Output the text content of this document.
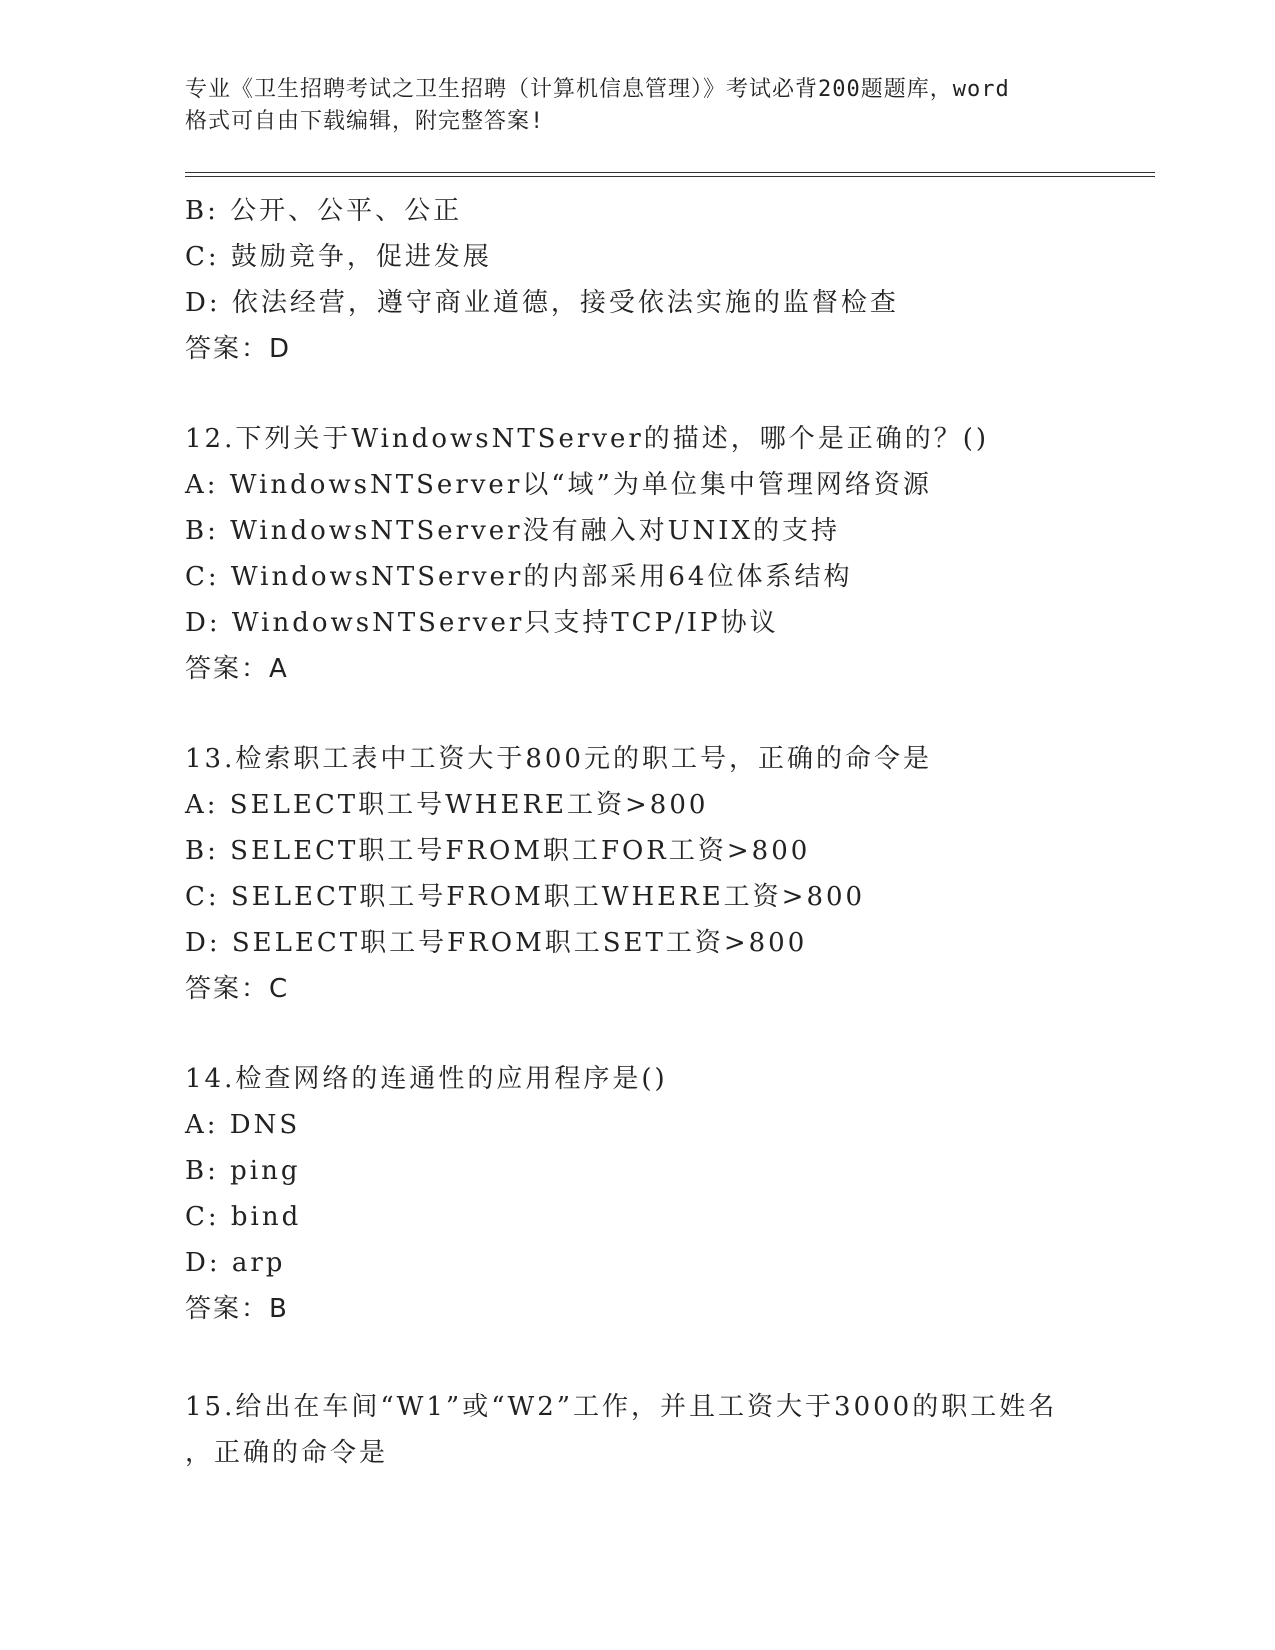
专业《卫生招聘考试之卫生招聘（计算机信息管理）》考试必背200题题库，word
格式可自由下载编辑，附完整答案!
B: 公开、公平、公正
C: 鼓励竞争，促进发展
D: 依法经营，遵守商业道德，接受依法实施的监督检查
答案：D
12.下列关于WindowsNTServer的描述，哪个是正确的？()
A: WindowsNTServer以“域”为单位集中管理网络资源
B: WindowsNTServer没有融入对UNIX的支持
C: WindowsNTServer的内部采用64位体系结构
D: WindowsNTServer只支持TCP/IP协议
答案：A
13.检索职工表中工资大于800元的职工号，正确的命令是
A: SELECT职工号WHERE工资>800
B: SELECT职工号FROM职工FOR工资>800
C: SELECT职工号FROM职工WHERE工资>800
D: SELECT职工号FROM职工SET工资>800
答案：C
14.检查网络的连通性的应用程序是()
A: DNS
B: ping
C: bind
D: arp
答案：B
15.给出在车间“W1”或“W2”工作，并且工资大于3000的职工姓名
，正确的命令是
